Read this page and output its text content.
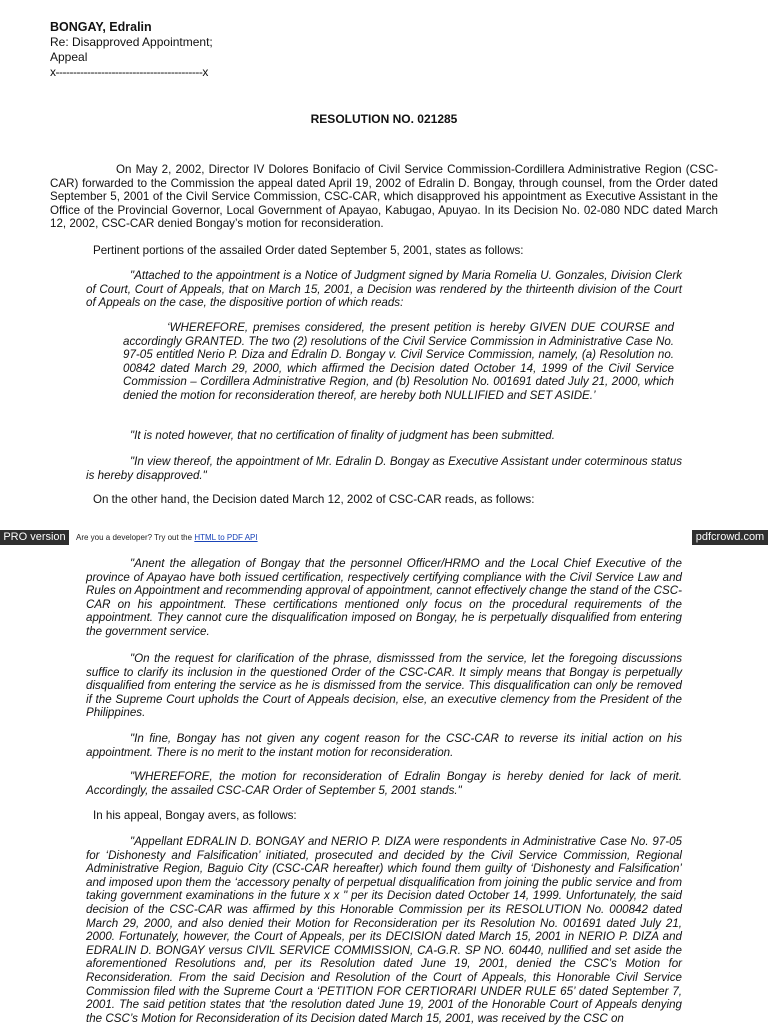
BONGAY, Edralin
Re: Disapproved Appointment;
Appeal
x------------------------------------------x
RESOLUTION NO. 021285

On May 2, 2002, Director IV Dolores Bonifacio of Civil Service Commission-Cordillera Administrative Region (CSC-CAR) forwarded to the Commission the appeal dated April 19, 2002 of Edralin D. Bongay, through counsel, from the Order dated September 5, 2001 of the Civil Service Commission, CSC-CAR, which disapproved his appointment as Executive Assistant in the Office of the Provincial Governor, Local Government of Apayao, Kabugao, Apuyao. In its Decision No. 02-080 NDC dated March 12, 2002, CSC-CAR denied Bongay’s motion for reconsideration.

Pertinent portions of the assailed Order dated September 5, 2001, states as follows:

"Attached to the appointment is a Notice of Judgment signed by Maria Romelia U. Gonzales, Division Clerk of Court, Court of Appeals, that on March 15, 2001, a Decision was rendered by the thirteenth division of the Court of Appeals on the case, the dispositive portion of which reads:

‘WHEREFORE, premises considered, the present petition is hereby GIVEN DUE COURSE and accordingly GRANTED. The two (2) resolutions of the Civil Service Commission in Administrative Case No. 97-05 entitled Nerio P. Diza and Edralin D. Bongay v. Civil Service Commission, namely, (a) Resolution no. 00842 dated March 29, 2000, which affirmed the Decision dated October 14, 1999 of the Civil Service Commission – Cordillera Administrative Region, and (b) Resolution No. 001691 dated July 21, 2000, which denied the motion for reconsideration thereof, are hereby both NULLIFIED and SET ASIDE.’

"It is noted however, that no certification of finality of judgment has been submitted.

"In view thereof, the appointment of Mr. Edralin D. Bongay as Executive Assistant under coterminous status is hereby disapproved."

On the other hand, the Decision dated March 12, 2002 of CSC-CAR reads, as follows:

"Anent the allegation of Bongay that the personnel Officer/HRMO and the Local Chief Executive of the province of Apayao have both issued certification, respectively certifying compliance with the Civil Service Law and Rules on Appointment and recommending approval of appointment, cannot effectively change the stand of the CSC-CAR on his appointment. These certifications mentioned only focus on the procedural requirements of the appointment. They cannot cure the disqualification imposed on Bongay, he is perpetually disqualified from entering the government service.

"On the request for clarification of the phrase, dismisssed from the service, let the foregoing discussions suffice to clarify its inclusion in the questioned Order of the CSC-CAR. It simply means that Bongay is perpetually disqualified from entering the service as he is dismissed from the service. This disqualification can only be removed if the Supreme Court upholds the Court of Appeals decision, else, an executive clemency from the President of the Philippines.

"In fine, Bongay has not given any cogent reason for the CSC-CAR to reverse its initial action on his appointment. There is no merit to the instant motion for reconsideration.

"WHEREFORE, the motion for reconsideration of Edralin Bongay is hereby denied for lack of merit. Accordingly, the assailed CSC-CAR Order of September 5, 2001 stands."

In his appeal, Bongay avers, as follows:

"Appellant EDRALIN D. BONGAY and NERIO P. DIZA were respondents in Administrative Case No. 97-05 for ‘Dishonesty and Falsification’ initiated, prosecuted and decided by the Civil Service Commission, Regional Administrative Region, Baguio City (CSC-CAR hereafter) which found them guilty of ‘Dishonesty and Falsification’ and imposed upon them the ‘accessory penalty of perpetual disqualification from joining the public service and from taking government examinations in the future x x " per its Decision dated October 14, 1999. Unfortunately, the said decision of the CSC-CAR was affirmed by this Honorable Commission per its RESOLUTION No. 000842 dated March 29, 2000, and also denied their Motion for Reconsideration per its Resolution No. 001691 dated July 21, 2000. Fortunately, however, the Court of Appeals, per its DECISION dated March 15, 2001 in NERIO P. DIZA and EDRALIN D. BONGAY versus CIVIL SERVICE COMMISSION, CA-G.R. SP NO. 60440, nullified and set aside the aforementioned Resolutions and, per its Resolution dated June 19, 2001, denied the CSC’s Motion for Reconsideration. From the said Decision and Resolution of the Court of Appeals, this Honorable Civil Service Commission filed with the Supreme Court a ‘PETITION FOR CERTIORARI UNDER RULE 65’ dated September 7, 2001. The said petition states that ‘the resolution dated June 19, 2001 of the Honorable Court of Appeals denying the CSC’s Motion for Reconsideration of its Decision dated March 15, 2001, was received by the CSC on

PRO version	Are you a developer? Try out the HTML to PDF API	pdfcrowd.com
